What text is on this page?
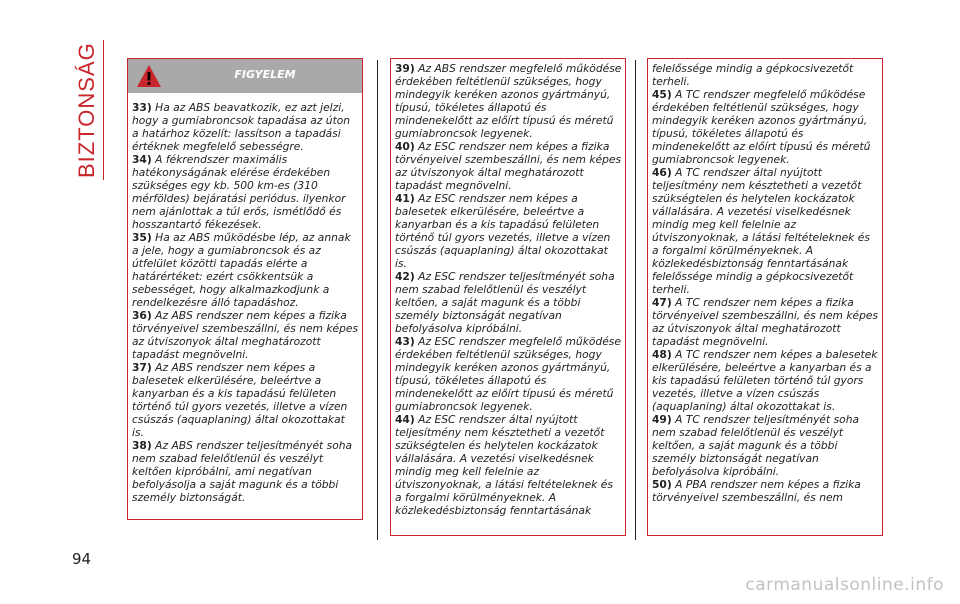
BIZTONSÁG	FIGYELEM

33) Ha az ABS beavatkozik, ez azt jelzi, hogy a gumiabroncsok tapadása az úton a határhoz közelít: lassítson a tapadási értéknek megfelelő sebességre.

34) A fékrendszer maximális hatékonyságának elérése érdekében szükséges egy kb. 500 km-es (310 mérföldes) bejáratási periódus. ilyenkor nem ajánlottak a túl erős, ismétlődő és hosszantartó fékezések.

35) Ha az ABS működésbe lép, az annak a jele, hogy a gumiabroncsok és az útfelület közötti tapadás elérte a határértéket: ezért csökkentsük a sebességet, hogy alkalmazkodjunk a rendelkezésre álló tapadáshoz.

36) Az ABS rendszer nem képes a fizika törvényeivel szembeszállni, és nem képes az útviszonyok által meghatározott tapadást megnövelni.

37) Az ABS rendszer nem képes a balesetek elkerülésére, beleértve a kanyarban és a kis tapadású felületen történő túl gyors vezetés, illetve a vízen csúszás (aquaplaning) által okozottakat is.

38) Az ABS rendszer teljesítményét soha nem szabad felelőtlenül és veszélyt keltően kipróbálni, ami negatívan befolyásolja a saját magunk és a többi személy biztonságát.

39) Az ABS rendszer megfelelő működése érdekében feltétlenül szükséges, hogy mindegyik keréken azonos gyártmányú, típusú, tökéletes állapotú és mindenekelőtt az előírt típusú és méretű gumiabroncsok legyenek.

40) Az ESC rendszer nem képes a fizika törvényeivel szembeszállni, és nem képes az útviszonyok által meghatározott tapadást megnövelni.

41) Az ESC rendszer nem képes a balesetek elkerülésére, beleértve a kanyarban és a kis tapadású felületen történő túl gyors vezetés, illetve a vízen csúszás (aquaplaning) által okozottakat is.

42) Az ESC rendszer teljesítményét soha nem szabad felelőtlenül és veszélyt keltően, a saját magunk és a többi személy biztonságát negatívan befolyásolva kipróbálni.

43) Az ESC rendszer megfelelő működése érdekében feltétlenül szükséges, hogy mindegyik keréken azonos gyártmányú, típusú, tökéletes állapotú és mindenekelőtt az előírt típusú és méretű gumiabroncsok legyenek.

44) Az ESC rendszer által nyújtott teljesítmény nem késztetheti a vezetőt szükségtelen és helytelen kockázatok vállalására. A vezetési viselkedésnek mindig meg kell felelnie az útviszonyoknak, a látási feltételeknek és a forgalmi körülményeknek. A közlekedésbiztonság fenntartásának

felelőssége mindig a gépkocsivezetőt terheli.

45) A TC rendszer megfelelő működése érdekében feltétlenül szükséges, hogy mindegyik keréken azonos gyártmányú, típusú, tökéletes állapotú és mindenekelőtt az előírt típusú és méretű gumiabroncsok legyenek.

46) A TC rendszer által nyújtott teljesítmény nem késztetheti a vezetőt szükségtelen és helytelen kockázatok vállalására. A vezetési viselkedésnek mindig meg kell felelnie az útviszonyoknak, a látási feltételeknek és a forgalmi körülményeknek. A közlekedésbiztonság fenntartásának felelőssége mindig a gépkocsivezetőt terheli.

47) A TC rendszer nem képes a fizika törvényeivel szembeszállni, és nem képes az útviszonyok által meghatározott tapadást megnövelni.

48) A TC rendszer nem képes a balesetek elkerülésére, beleértve a kanyarban és a kis tapadású felületen történő túl gyors vezetés, illetve a vízen csúszás (aquaplaning) által okozottakat is.

49) A TC rendszer teljesítményét soha nem szabad felelőtlenül és veszélyt keltően, a saját magunk és a többi személy biztonságát negatívan befolyásolva kipróbálni.

50) A PBA rendszer nem képes a fizika törvényeivel szembeszállni, és nem

94
carmanualsonline.info
